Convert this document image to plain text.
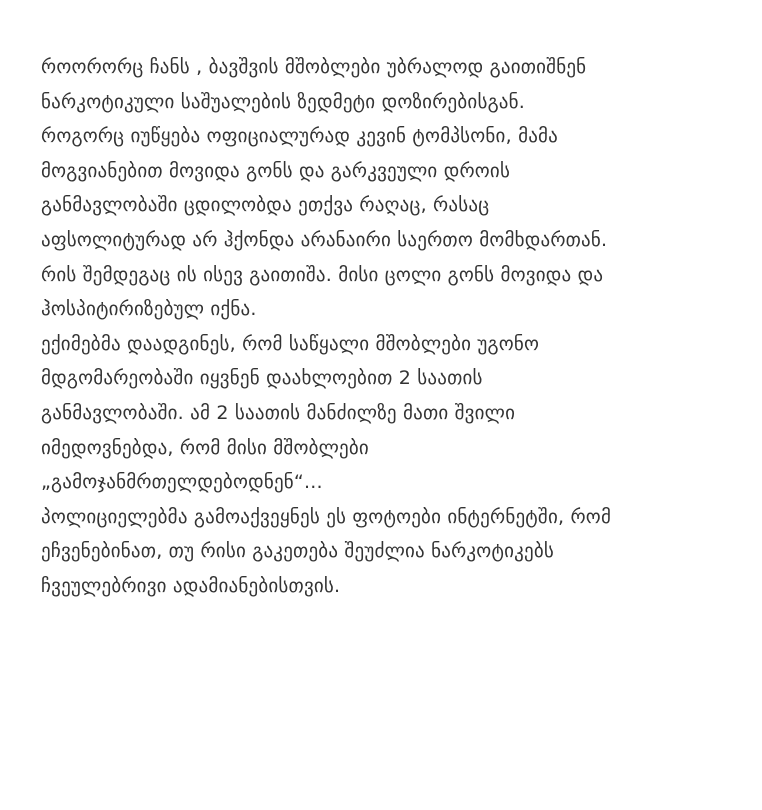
როორორც ჩანს , ბავშვის მშობლები უბრალოდ გაითიშნენ
ნარკოტიკული საშუალების ზედმეტი დოზირებისგან.
როგორც იუწყება ოფიციალურად კევინ ტომპსონი, მამა
მოგვიანებით მოვიდა გონს და გარკვეული დროის
განმავლობაში ცდილობდა ეთქვა რაღაც, რასაც
აფსოლიტურად არ ჰქონდა არანაირი საერთო მომხდართან.
რის შემდეგაც ის ისევ გაითიშა. მისი ცოლი გონს მოვიდა და
ჰოსპიტირიზებულ იქნა.
ექიმებმა დაადგინეს, რომ საწყალი მშობლები უგონო
მდგომარეობაში იყვნენ დაახლოებით 2 საათის
განმავლობაში. ამ 2 საათის მანძილზე მათი შვილი
იმედოვნებდა, რომ მისი მშობლები
„გამოჯანმრთელდებოდნენ“...
პოლიციელებმა გამოაქვეყნეს ეს ფოტოები ინტერნეტში, რომ
ეჩვენებინათ, თუ რისი გაკეთება შეუძლია ნარკოტიკებს
ჩვეულებრივი ადამიანებისთვის.
